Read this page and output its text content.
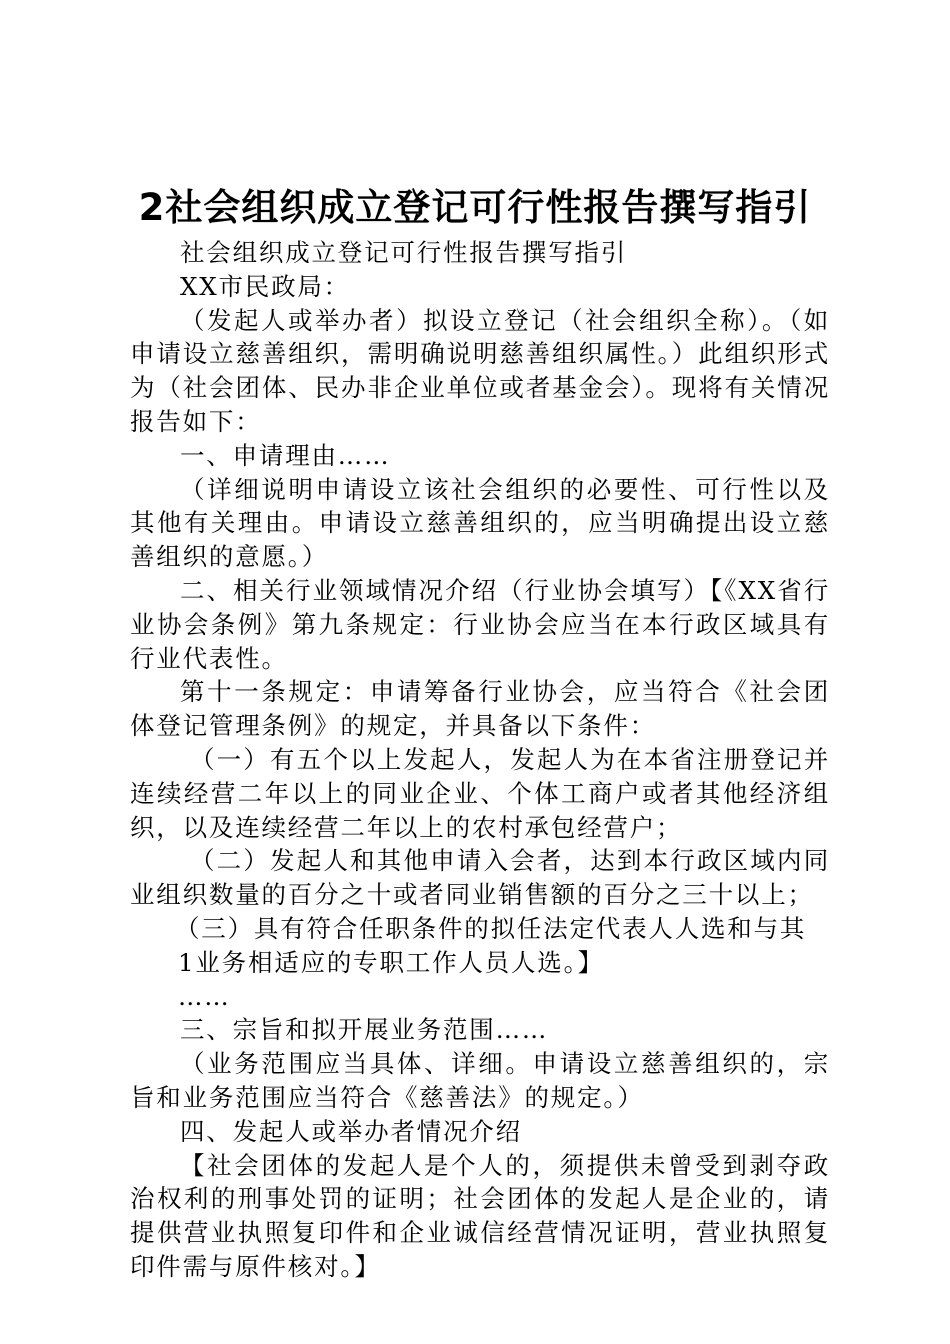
2社会组织成立登记可行性报告撰写指引

社会组织成立登记可行性报告撰写指引

XX市民政局：

（发起人或举办者）拟设立登记（社会组织全称）。（如申请设立慈善组织，需明确说明慈善组织属性。）此组织形式为（社会团体、民办非企业单位或者基金会）。现将有关情况报告如下：

一、申请理由……

（详细说明申请设立该社会组织的必要性、可行性以及其他有关理由。申请设立慈善组织的，应当明确提出设立慈善组织的意愿。）

二、相关行业领域情况介绍（行业协会填写）【《XX省行业协会条例》第九条规定：行业协会应当在本行政区域具有行业代表性。

第十一条规定：申请筹备行业协会，应当符合《社会团体登记管理条例》的规定，并具备以下条件：

（一）有五个以上发起人，发起人为在本省注册登记并连续经营二年以上的同业企业、个体工商户或者其他经济组织，以及连续经营二年以上的农村承包经营户；

（二）发起人和其他申请入会者，达到本行政区域内同业组织数量的百分之十或者同业销售额的百分之三十以上；

（三）具有符合任职条件的拟任法定代表人人选和与其

1业务相适应的专职工作人员人选。】

……

三、宗旨和拟开展业务范围……

（业务范围应当具体、详细。申请设立慈善组织的，宗旨和业务范围应当符合《慈善法》的规定。）

四、发起人或举办者情况介绍

【社会团体的发起人是个人的，须提供未曾受到剥夺政治权利的刑事处罚的证明；社会团体的发起人是企业的，请提供营业执照复印件和企业诚信经营情况证明，营业执照复印件需与原件核对。】
